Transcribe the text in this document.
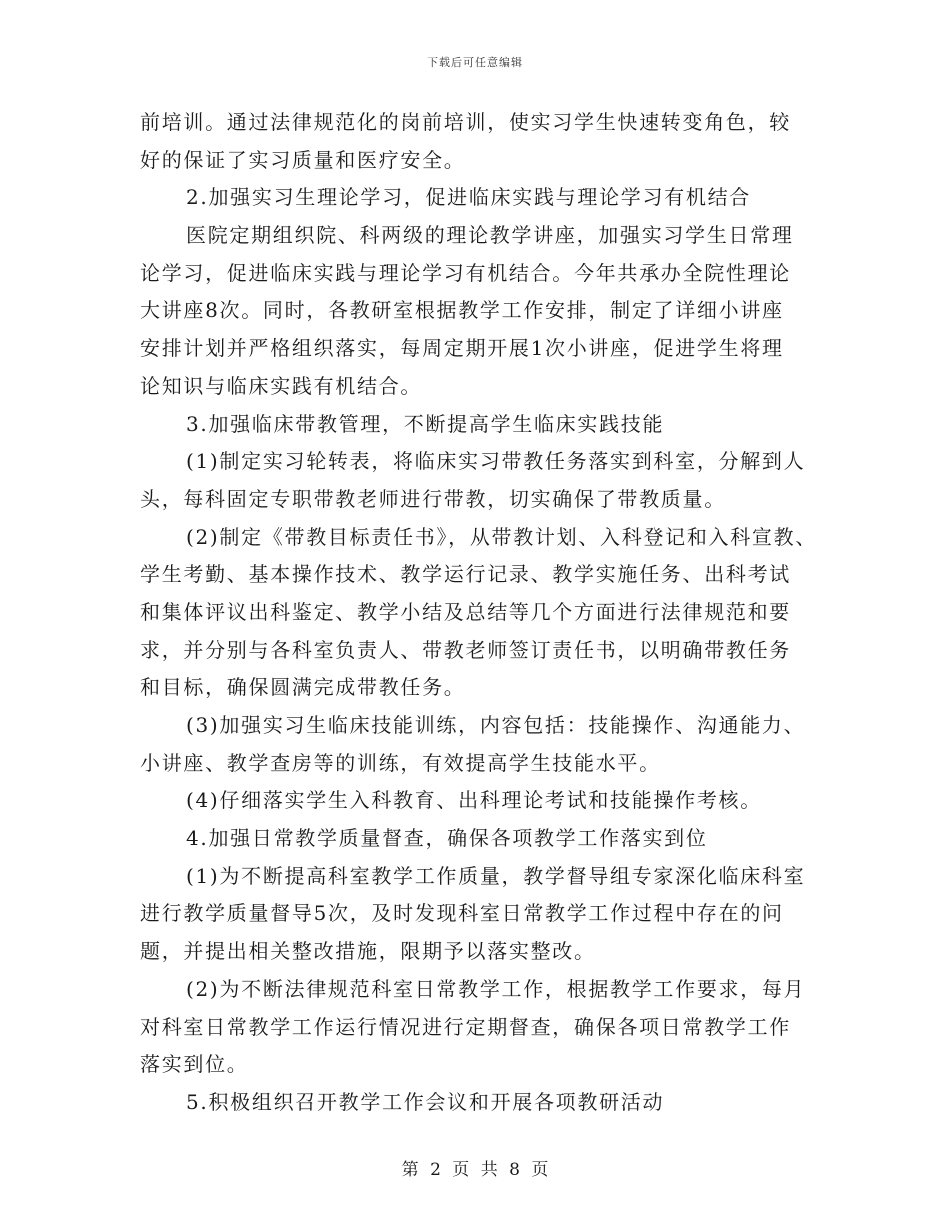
下载后可任意编辑
前培训。通过法律规范化的岗前培训，使实习学生快速转变角色，较
好的保证了实习质量和医疗安全。
2.加强实习生理论学习，促进临床实践与理论学习有机结合
医院定期组织院、科两级的理论教学讲座，加强实习学生日常理
论学习，促进临床实践与理论学习有机结合。今年共承办全院性理论
大讲座8次。同时，各教研室根据教学工作安排，制定了详细小讲座
安排计划并严格组织落实，每周定期开展1次小讲座，促进学生将理
论知识与临床实践有机结合。
3.加强临床带教管理，不断提高学生临床实践技能
(1)制定实习轮转表，将临床实习带教任务落实到科室，分解到人
头，每科固定专职带教老师进行带教，切实确保了带教质量。
(2)制定《带教目标责任书》，从带教计划、入科登记和入科宣教、
学生考勤、基本操作技术、教学运行记录、教学实施任务、出科考试
和集体评议出科鉴定、教学小结及总结等几个方面进行法律规范和要
求，并分别与各科室负责人、带教老师签订责任书，以明确带教任务
和目标，确保圆满完成带教任务。
(3)加强实习生临床技能训练，内容包括：技能操作、沟通能力、
小讲座、教学查房等的训练，有效提高学生技能水平。
(4)仔细落实学生入科教育、出科理论考试和技能操作考核。
4.加强日常教学质量督查，确保各项教学工作落实到位
(1)为不断提高科室教学工作质量，教学督导组专家深化临床科室
进行教学质量督导5次，及时发现科室日常教学工作过程中存在的问
题，并提出相关整改措施，限期予以落实整改。
(2)为不断法律规范科室日常教学工作，根据教学工作要求，每月
对科室日常教学工作运行情况进行定期督查，确保各项日常教学工作
落实到位。
5.积极组织召开教学工作会议和开展各项教研活动
第 2 页 共 8 页
